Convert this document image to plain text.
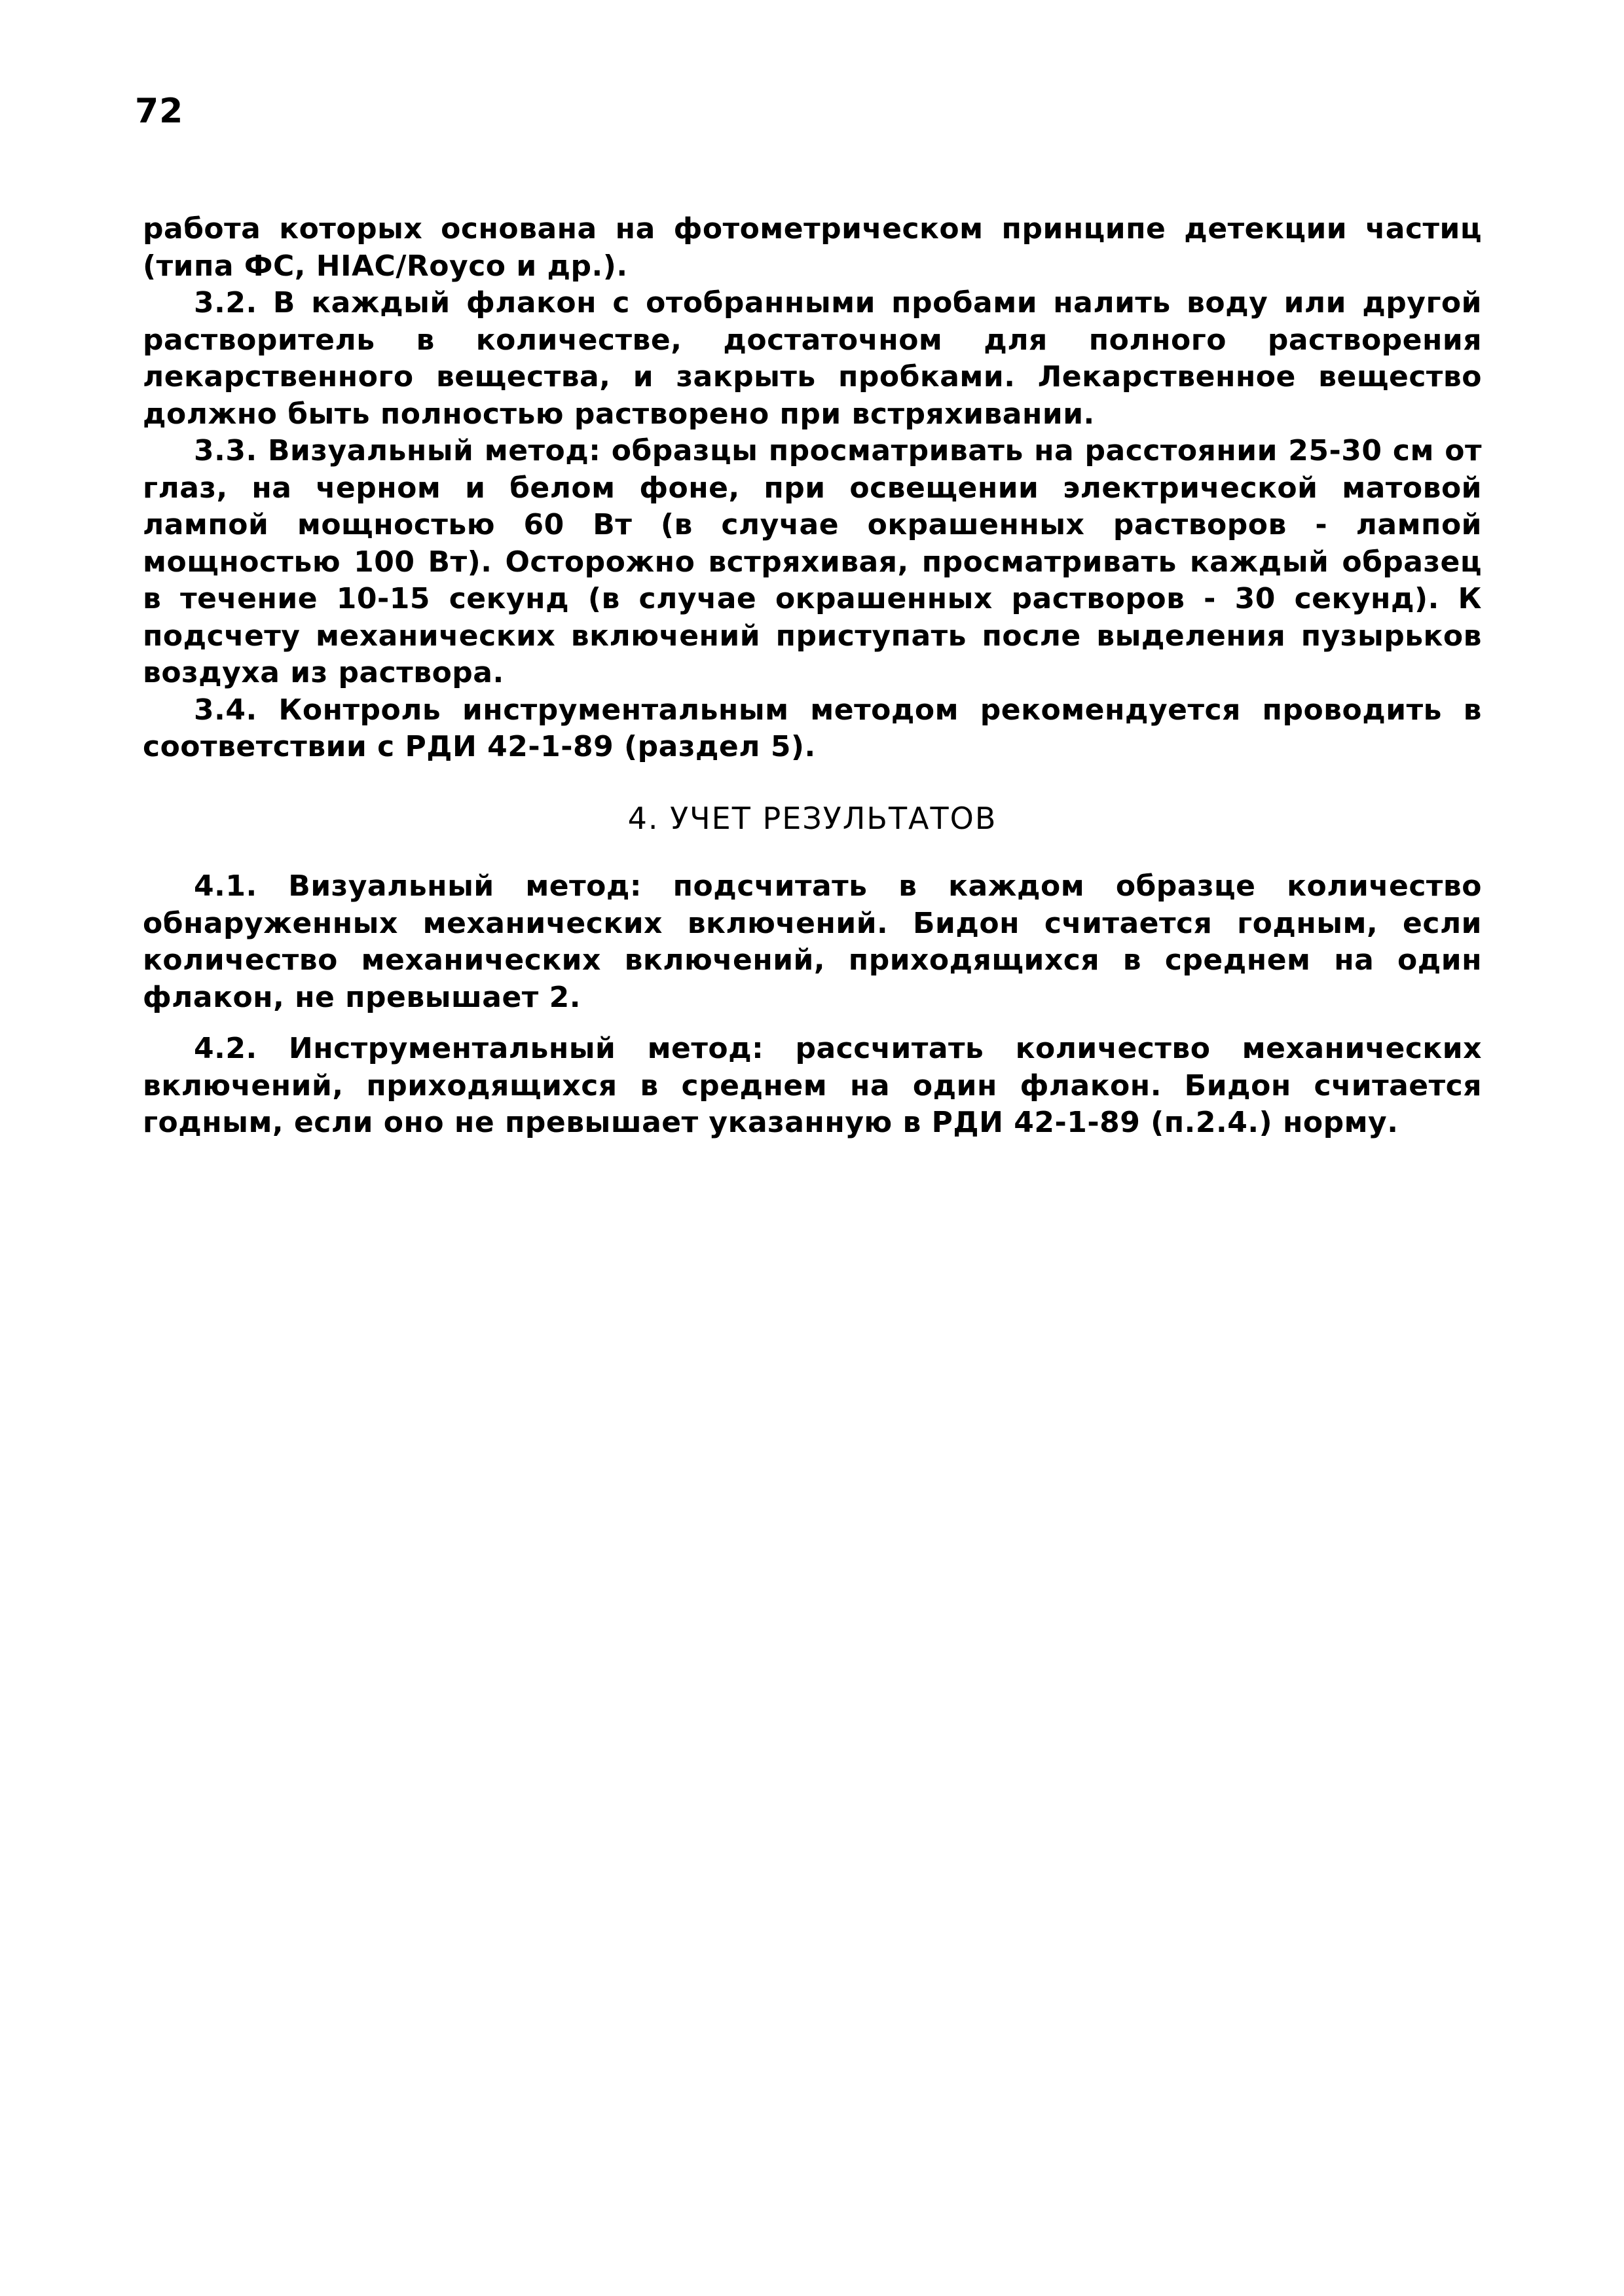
72

работа которых основана на фотометрическом принципе детекции частиц (типа ФС, HIAC/Royco и др.).

3.2. В каждый флакон с отобранными пробами налить воду или другой растворитель в количестве, достаточном для полного растворения лекарственного вещества, и закрыть пробками. Лекарственное вещество должно быть полностью растворено при встряхивании.

3.3. Визуальный метод: образцы просматривать на расстоянии 25-30 см от глаз, на черном и белом фоне, при освещении электрической матовой лампой мощностью 60 Вт (в случае окрашенных растворов - лампой мощностью 100 Вт). Осторожно встряхивая, просматривать каждый образец в течение 10-15 секунд (в случае окрашенных растворов - 30 секунд). К подсчету механических включений приступать после выделения пузырьков воздуха из раствора.

3.4. Контроль инструментальным методом рекомендуется проводить в соответствии с РДИ 42-1-89 (раздел 5).

4. УЧЕТ РЕЗУЛЬТАТОВ

4.1. Визуальный метод: подсчитать в каждом образце количество обнаруженных механических включений. Бидон считается годным, если количество механических включений, приходящихся в среднем на один флакон, не превышает 2.

4.2. Инструментальный метод: рассчитать количество механических включений, приходящихся в среднем на один флакон. Бидон считается годным, если оно не превышает указанную в РДИ 42-1-89 (п.2.4.) норму.
